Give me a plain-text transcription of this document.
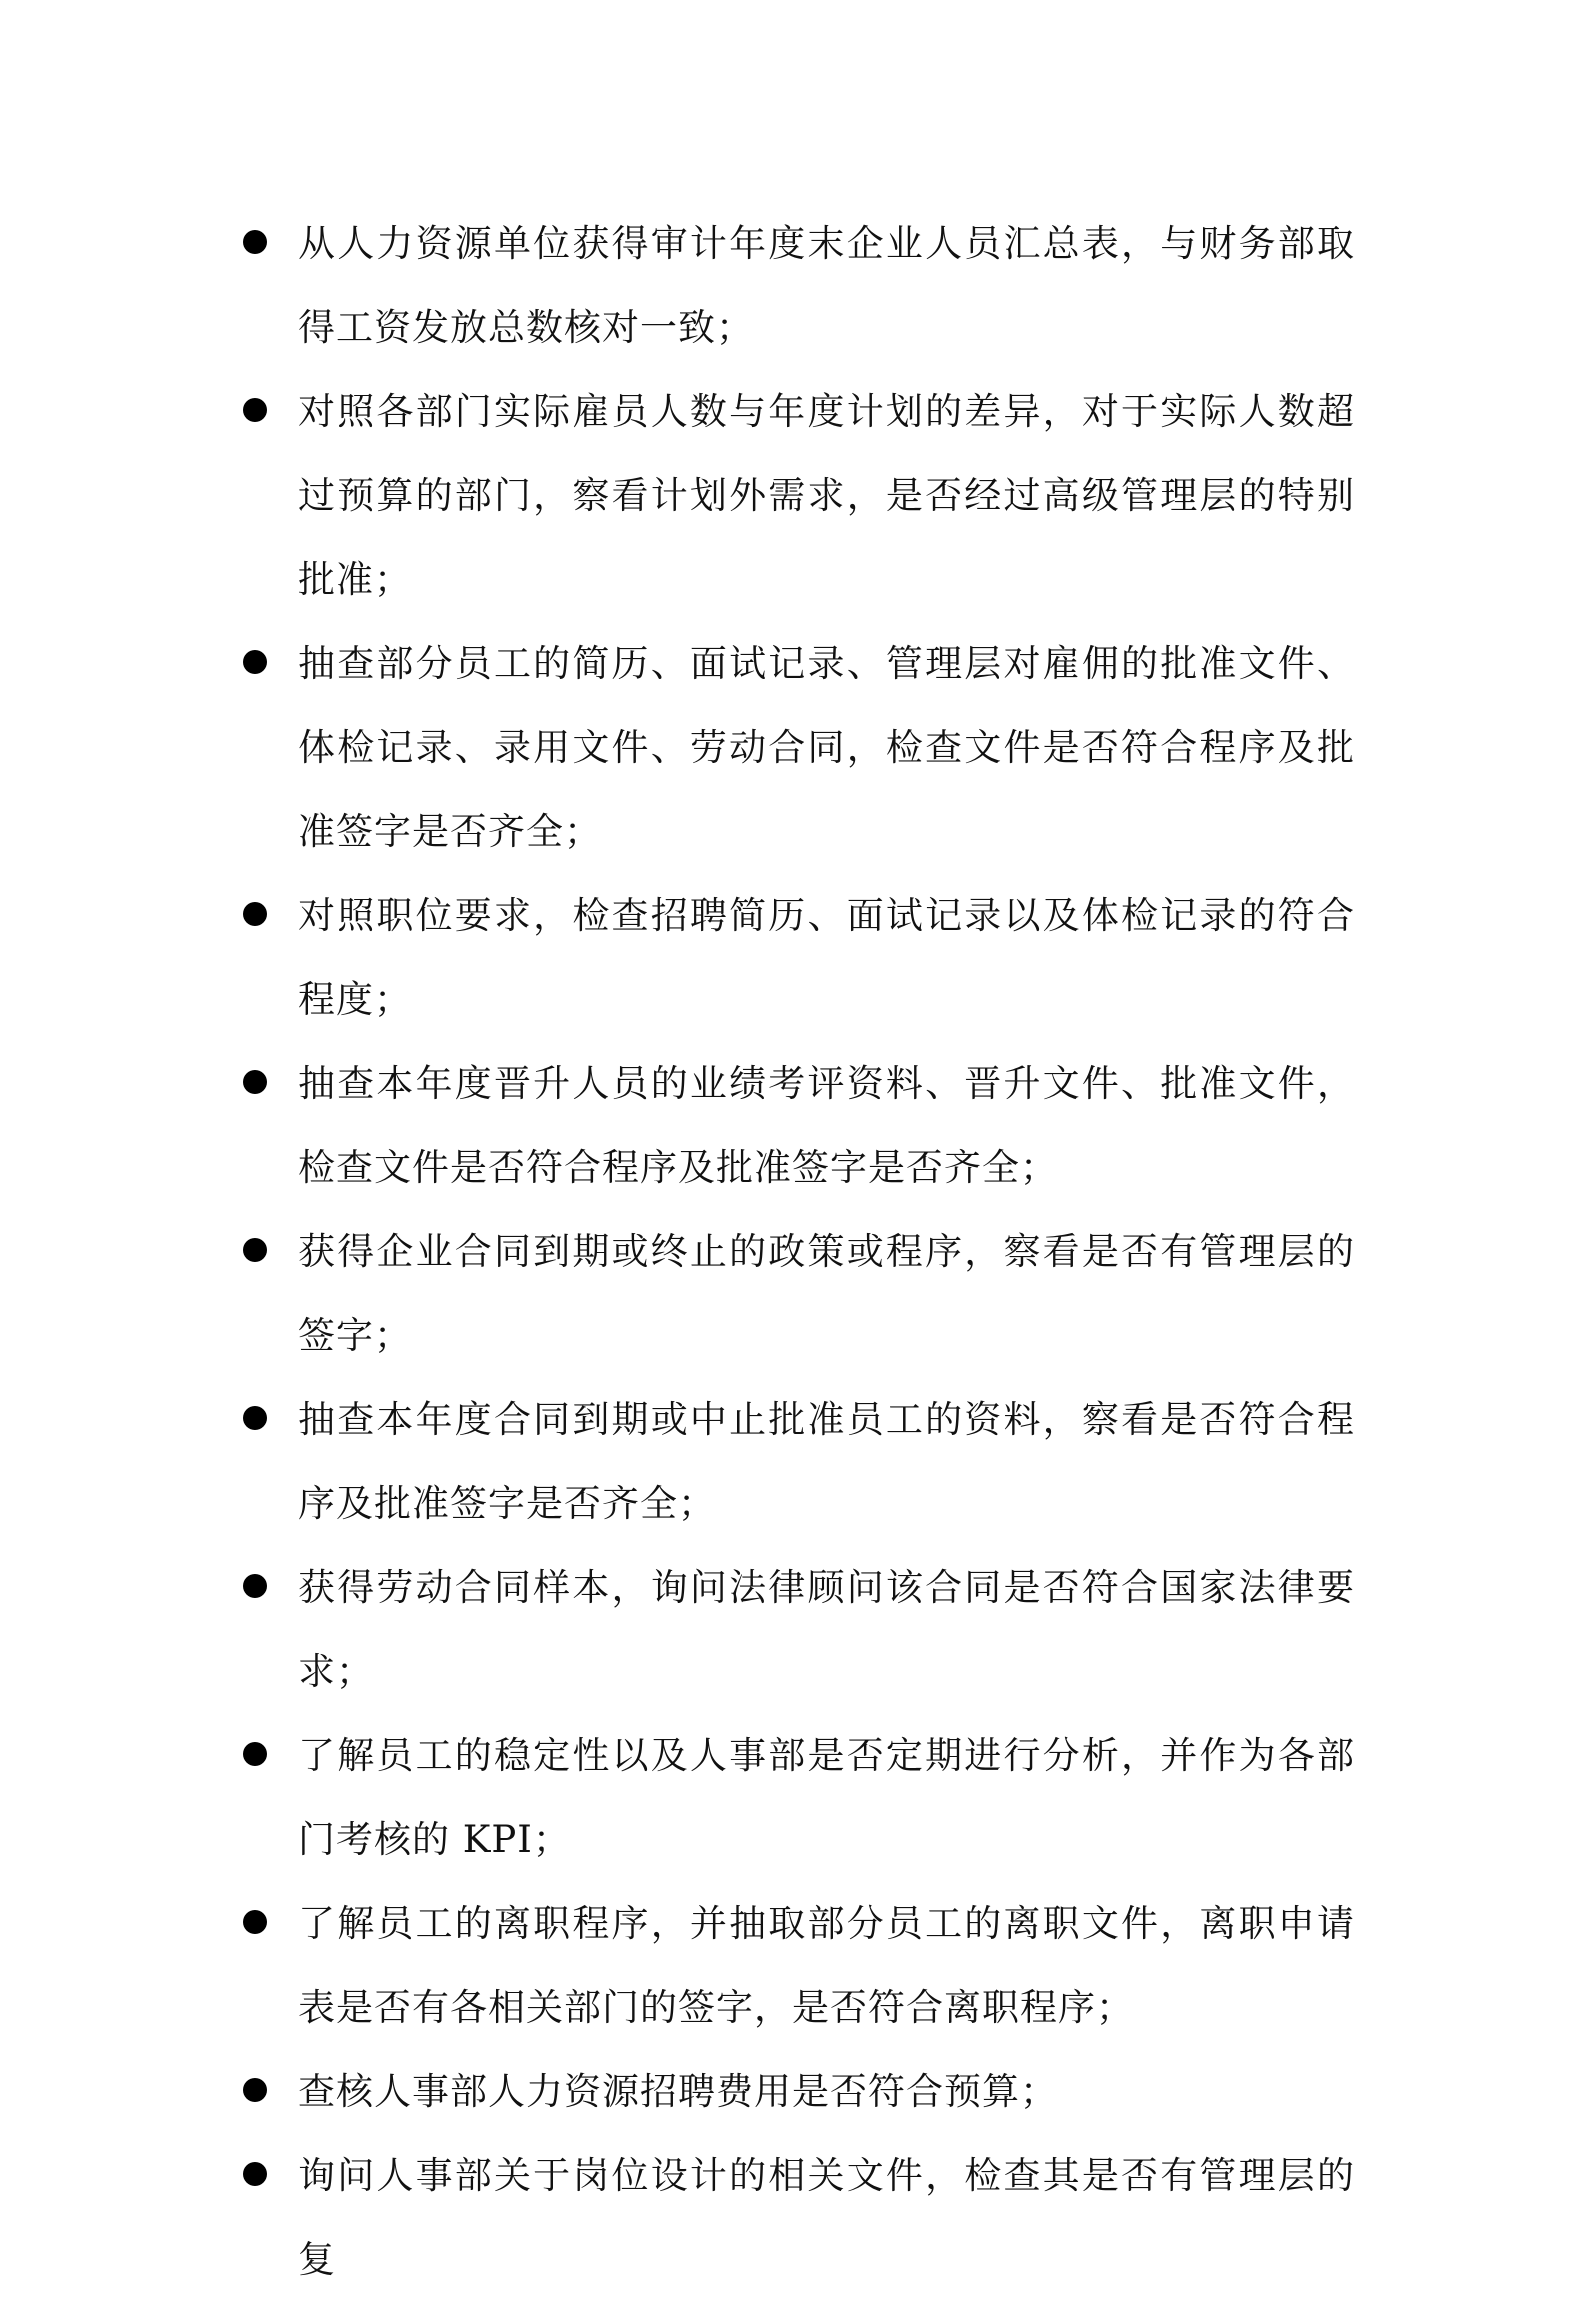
从人力资源单位获得审计年度末企业人员汇总表，与财务部取得工资发放总数核对一致；
对照各部门实际雇员人数与年度计划的差异，对于实际人数超过预算的部门，察看计划外需求，是否经过高级管理层的特别批准；
抽查部分员工的简历、面试记录、管理层对雇佣的批准文件、体检记录、录用文件、劳动合同，检查文件是否符合程序及批准签字是否齐全；
对照职位要求，检查招聘简历、面试记录以及体检记录的符合程度；
抽查本年度晋升人员的业绩考评资料、晋升文件、批准文件，检查文件是否符合程序及批准签字是否齐全；
获得企业合同到期或终止的政策或程序，察看是否有管理层的签字；
抽查本年度合同到期或中止批准员工的资料，察看是否符合程序及批准签字是否齐全；
获得劳动合同样本，询问法律顾问该合同是否符合国家法律要求；
了解员工的稳定性以及人事部是否定期进行分析，并作为各部门考核的 KPI；
了解员工的离职程序，并抽取部分员工的离职文件，离职申请表是否有各相关部门的签字，是否符合离职程序；
查核人事部人力资源招聘费用是否符合预算；
询问人事部关于岗位设计的相关文件，检查其是否有管理层的复
